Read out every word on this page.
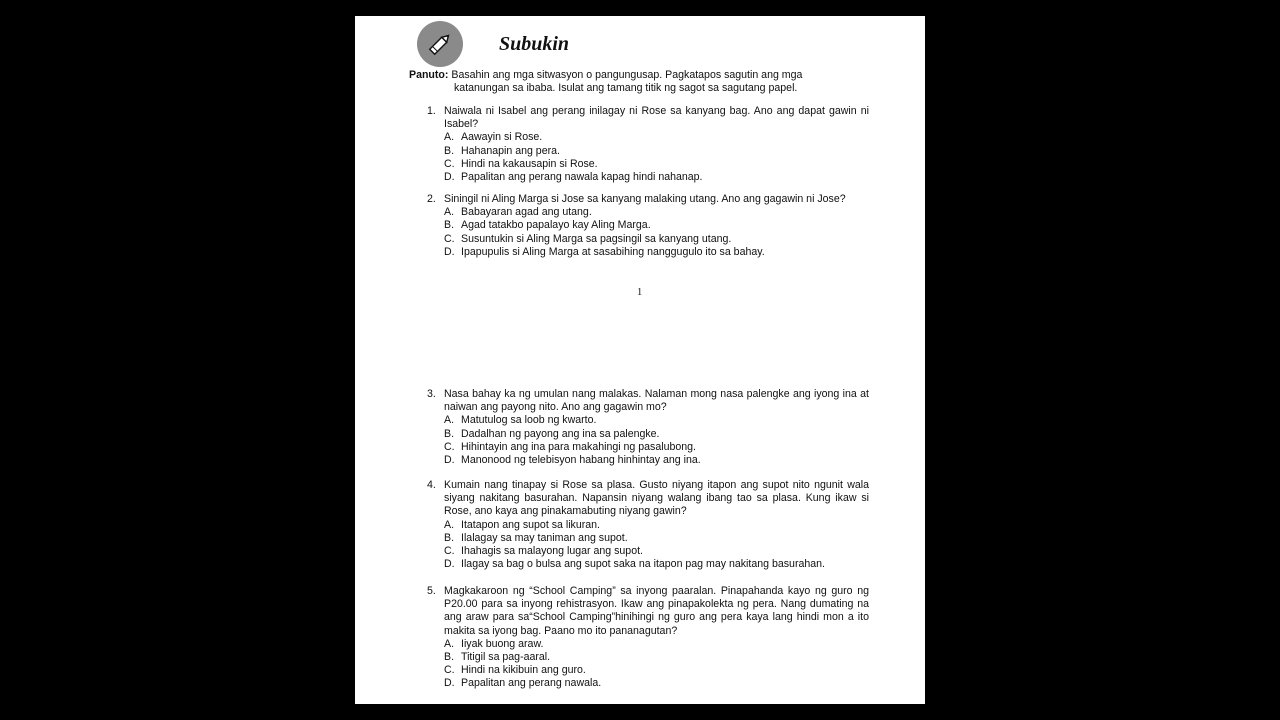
Subukin
Panuto: Basahin ang mga sitwasyon o pangungusap. Pagkatapos sagutin ang mga
katanungan sa ibaba. Isulat ang tamang titik ng sagot sa sagutang papel.
1. Naiwala ni Isabel ang perang inilagay ni Rose sa kanyang bag. Ano ang dapat gawin ni Isabel?
A. Aawayin si Rose.
B. Hahanapin ang pera.
C. Hindi na kakausapin si Rose.
D. Papalitan ang perang nawala kapag hindi nahanap.
2. Siningil ni Aling Marga si Jose sa kanyang malaking utang. Ano ang gagawin ni Jose?
A. Babayaran agad ang utang.
B. Agad tatakbo papalayo kay Aling Marga.
C. Susuntukin si Aling Marga sa pagsingil sa kanyang utang.
D. Ipapupulis si Aling Marga at sasabihing nanggugulo ito sa bahay.
1
3. Nasa bahay ka ng umulan nang malakas. Nalaman mong nasa palengke ang iyong ina at naiwan ang payong nito. Ano ang gagawin mo?
A. Matutulog sa loob ng kwarto.
B. Dadalhan ng payong ang ina sa palengke.
C. Hihintayin ang ina para makahingi ng pasalubong.
D. Manonood ng telebisyon habang hinhintay ang ina.
4. Kumain nang tinapay si Rose sa plasa. Gusto niyang itapon ang supot nito ngunit wala siyang nakitang basurahan. Napansin niyang walang ibang tao sa plasa. Kung ikaw si Rose, ano kaya ang pinakamabuting niyang gawin?
A. Itatapon ang supot sa likuran.
B. Ilalagay sa may taniman ang supot.
C. Ihahagis sa malayong lugar ang supot.
D. Ilagay sa bag o bulsa ang supot saka na itapon pag may nakitang basurahan.
5. Magkakaroon ng “School Camping” sa inyong paaralan. Pinapahanda kayo ng guro ng P20.00 para sa inyong rehistrasyon. Ikaw ang pinapakolekta ng pera. Nang dumating na ang araw para sa“School Camping”hinihingi ng guro ang pera kaya lang hindi mon a ito makita sa iyong bag. Paano mo ito pananagutan?
A. Iiyak buong araw.
B. Titigil sa pag-aaral.
C. Hindi na kikibuin ang guro.
D. Papalitan ang perang nawala.
